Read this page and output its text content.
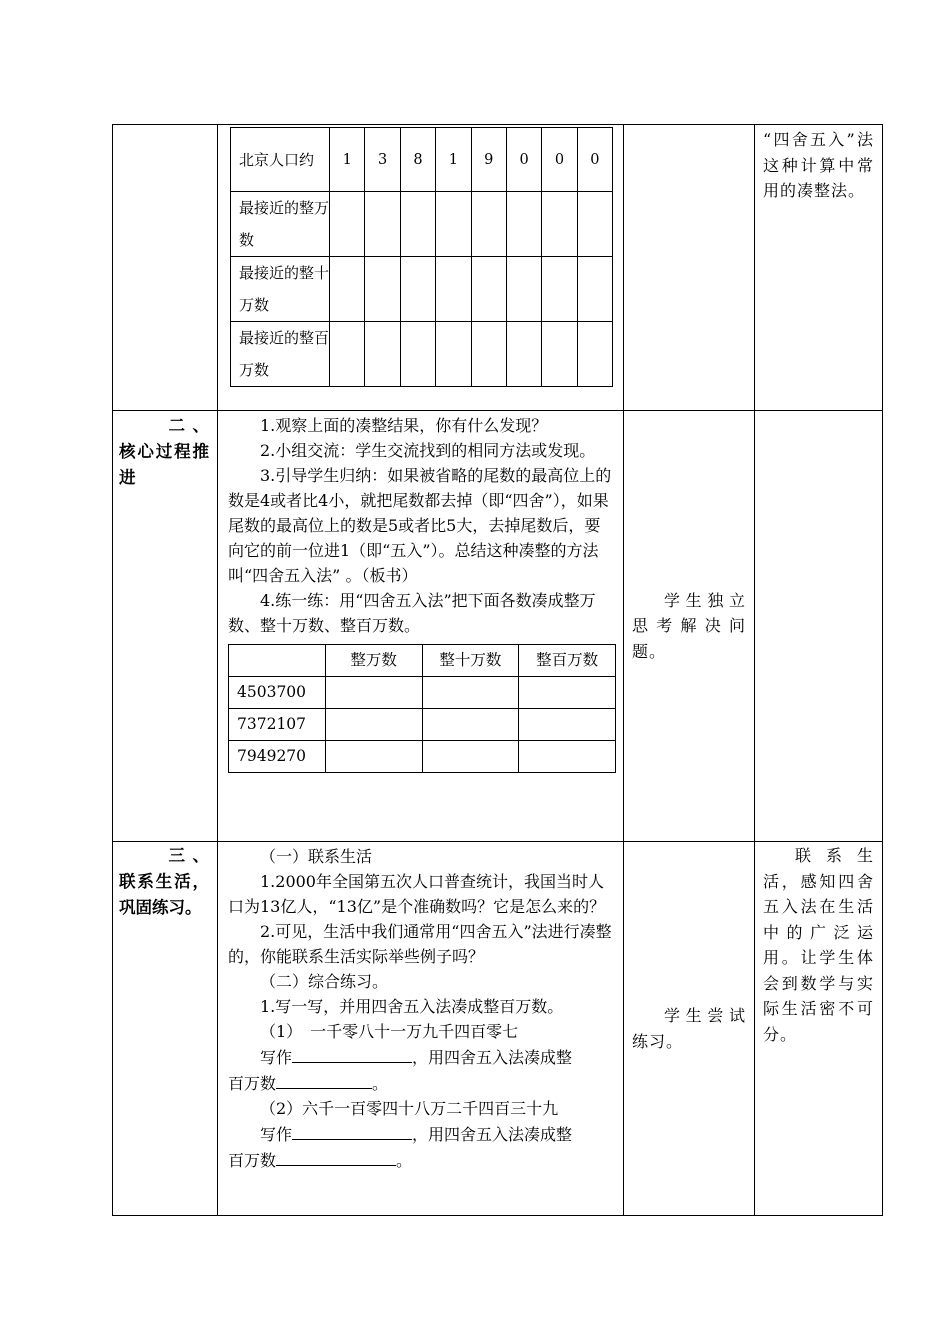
北京人口约	1	3	8	1	9	0	0	0
最接近的整万数								
最接近的整十万数								
最接近的整百万数								

“四舍五入”法这种计算中常用的凑整法。

二、核心过程推进

1.观察上面的凑整结果，你有什么发现？

2.小组交流：学生交流找到的相同方法或发现。

3.引导学生归纳：如果被省略的尾数的最高位上的数是4或者比4小，就把尾数都去掉（即“四舍”），如果尾数的最高位上的数是5或者比5大，去掉尾数后，要向它的前一位进1（即“五入”）。总结这种凑整的方法叫“四舍五入法” 。（板书）

4.练一练：用“四舍五入法”把下面各数凑成整万数、整十万数、整百万数。

	整万数	整十万数	整百万数
4503700			
7372107			
7949270			

学生独立思考解决问题。

三、联系生活，巩固练习。

（一）联系生活

1.2000年全国第五次人口普查统计，我国当时人口为13亿人，“13亿”是个准确数吗？它是怎么来的？

2.可见，生活中我们通常用“四舍五入”法进行凑整的，你能联系生活实际举些例子吗？

（二）综合练习。

1.写一写，并用四舍五入法凑成整百万数。

（1）　一千零八十一万九千四百零七

写作	，用四舍五入法凑成整

百万数	。

（2）六千一百零四十八万二千四百三十九

写作	，用四舍五入法凑成整

百万数	。

学生尝试练习。

联系生活，感知四舍五入法在生活中的广泛运用。让学生体会到数学与实际生活密不可分。
